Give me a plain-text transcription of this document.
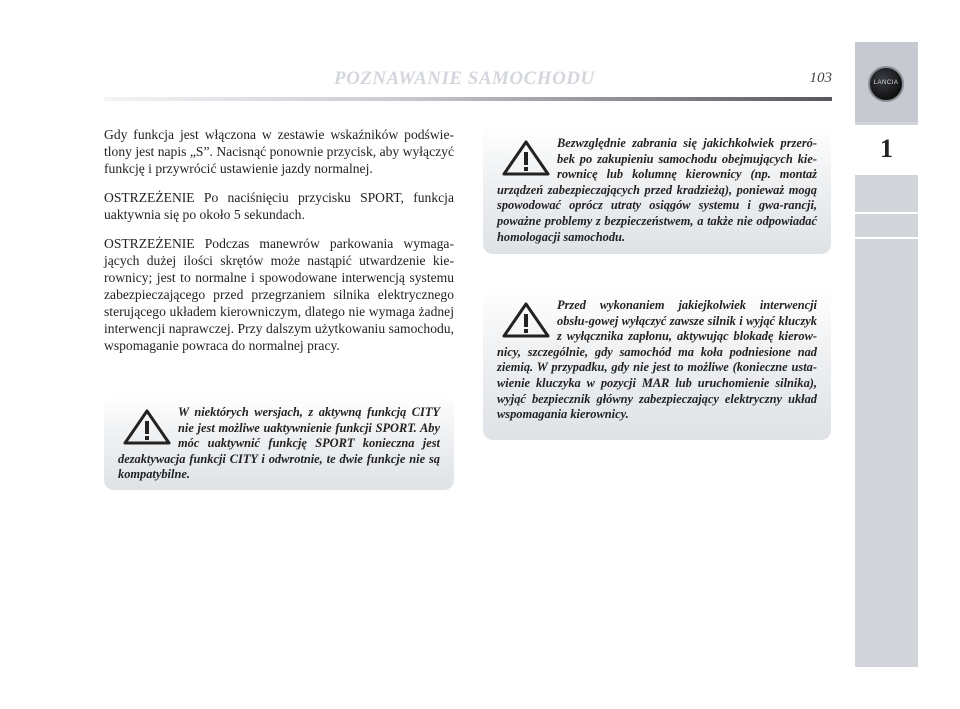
POZNAWANIE SAMOCHODU	103	LANCIA
1

Gdy funkcja jest włączona w zestawie wskaźników podświe-tlony jest napis „S”. Nacisnąć ponownie przycisk, aby wyłączyć funkcję i przywrócić ustawienie jazdy normalnej.

OSTRZEŻENIE Po naciśnięciu przycisku SPORT, funkcja uaktywnia się po około 5 sekundach.

OSTRZEŻENIE Podczas manewrów parkowania wymaga-jących dużej ilości skrętów może nastąpić utwardzenie kie-rownicy; jest to normalne i spowodowane interwencją systemu zabezpieczającego przed przegrzaniem silnika elektrycznego sterującego układem kierowniczym, dlatego nie wymaga żadnej interwencji naprawczej. Przy dalszym użytkowaniu samochodu, wspomaganie powraca do normalnej pracy.

W niektórych wersjach, z aktywną funkcją CITY nie jest możliwe uaktywnienie funkcji SPORT. Aby móc uaktywnić funkcję SPORT konieczna jest dezaktywacja funkcji CITY i odwrotnie, te dwie funkcje nie są kompatybilne.
Bezwzględnie zabrania się jakichkolwiek przeró-bek po zakupieniu samochodu obejmujących kie-rownicę lub kolumnę kierownicy (np. montaż urządzeń zabezpieczających przed kradzieżą), ponieważ mogą spowodować oprócz utraty osiągów systemu i gwa-rancji, poważne problemy z bezpieczeństwem, a także nie odpowiadać homologacji samochodu.
Przed wykonaniem jakiejkolwiek interwencji obsłu-gowej wyłączyć zawsze silnik i wyjąć kluczyk z wyłącznika zapłonu, aktywując blokadę kierow-nicy, szczególnie, gdy samochód ma koła podniesione nad ziemią. W przypadku, gdy nie jest to możliwe (konieczne usta-wienie kluczyka w pozycji MAR lub uruchomienie silnika), wyjąć bezpiecznik główny zabezpieczający elektryczny układ wspomagania kierownicy.
